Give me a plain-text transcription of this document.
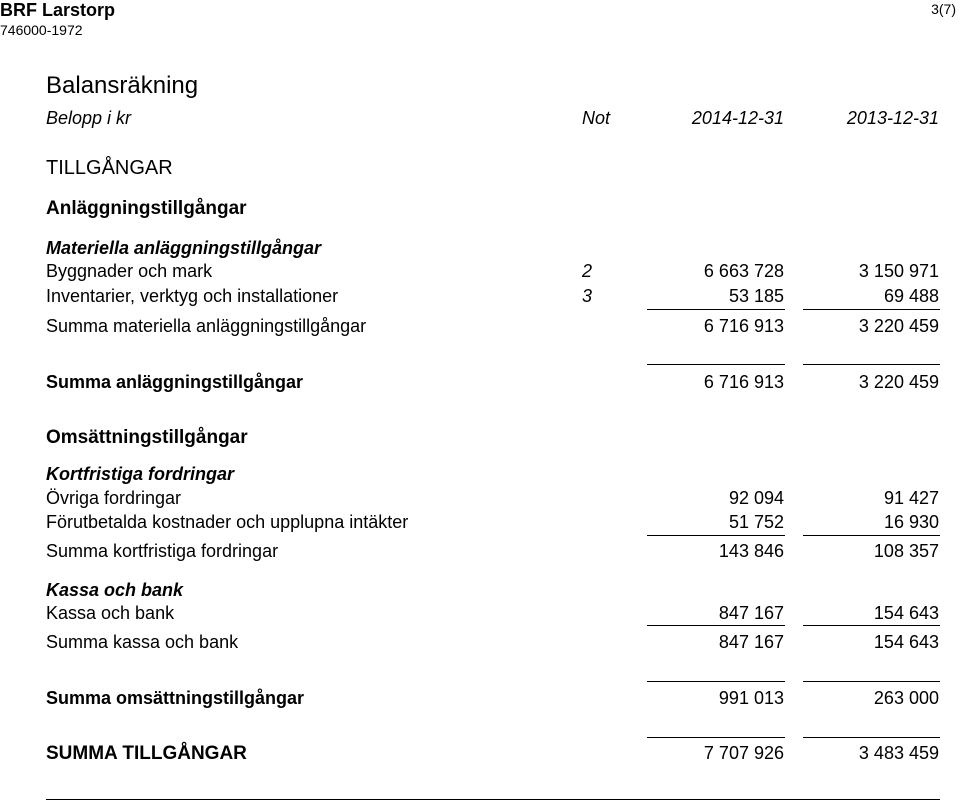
BRF Larstorp
746000-1972
3(7)
Balansräkning
Belopp i kr	Not	2014-12-31	2013-12-31
TILLGÅNGAR
Anläggningstillgångar
Materiella anläggningstillgångar
Byggnader och mark	2	6 663 728	3 150 971
Inventarier, verktyg och installationer	3	53 185	69 488
Summa materiella anläggningstillgångar	6 716 913	3 220 459
Summa anläggningstillgångar	6 716 913	3 220 459
Omsättningstillgångar
Kortfristiga fordringar
Övriga fordringar	92 094	91 427
Förutbetalda kostnader och upplupna intäkter	51 752	16 930
Summa kortfristiga fordringar	143 846	108 357
Kassa och bank
Kassa och bank	847 167	154 643
Summa kassa och bank	847 167	154 643
Summa omsättningstillgångar	991 013	263 000
SUMMA TILLGÅNGAR	7 707 926	3 483 459
